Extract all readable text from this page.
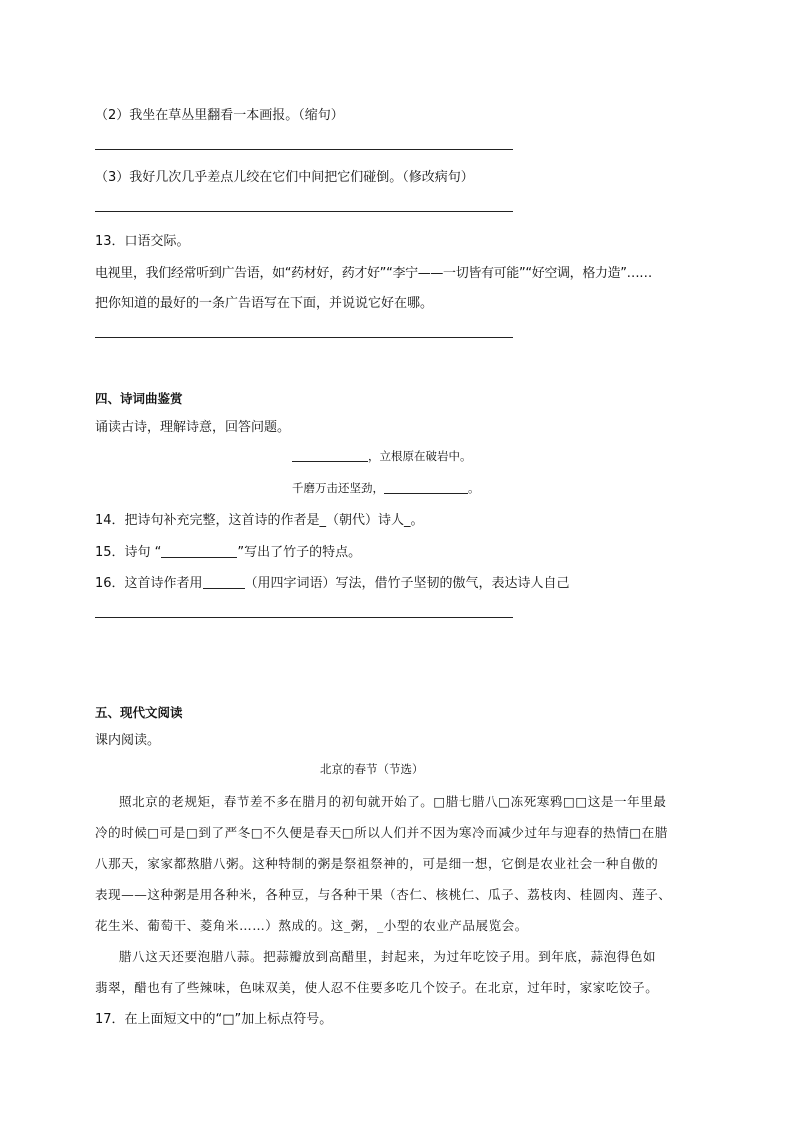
（2）我坐在草丛里翻看一本画报。（缩句）
（3）我好几次几乎差点儿绞在它们中间把它们碰倒。（修改病句）
13．口语交际。
电视里，我们经常听到广告语，如“药材好，药才好”“李宁——一切皆有可能”“好空调，格力造”……
把你知道的最好的一条广告语写在下面，并说说它好在哪。
四、诗词曲鉴赏
诵读古诗，理解诗意，回答问题。
，立根原在破岩中。
千磨万击还坚劲，	。
14．把诗句补充完整，这首诗的作者是_（朝代）诗人_。
15．诗句 “	”写出了竹子的特点。
16．这首诗作者用	（用四字词语）写法，借竹子坚韧的傲气，表达诗人自己
五、现代文阅读
课内阅读。
北京的春节（节选）
照北京的老规矩，春节差不多在腊月的初旬就开始了。□腊七腊八□冻死寒鸦□□这是一年里最
冷的时候□可是□到了严冬□不久便是春天□所以人们并不因为寒冷而减少过年与迎春的热情□在腊
八那天，家家都熬腊八粥。这种特制的粥是祭祖祭神的，可是细一想，它倒是农业社会一种自傲的
表现——这种粥是用各种米，各种豆，与各种干果（杏仁、核桃仁、瓜子、荔枝肉、桂圆肉、莲子、
花生米、葡萄干、菱角米……）熬成的。这_粥，_小型的农业产品展览会。
腊八这天还要泡腊八蒜。把蒜瓣放到高醋里，封起来，为过年吃饺子用。到年底，蒜泡得色如
翡翠，醋也有了些辣味，色味双美，使人忍不住要多吃几个饺子。在北京，过年时，家家吃饺子。
17．在上面短文中的“□”加上标点符号。
